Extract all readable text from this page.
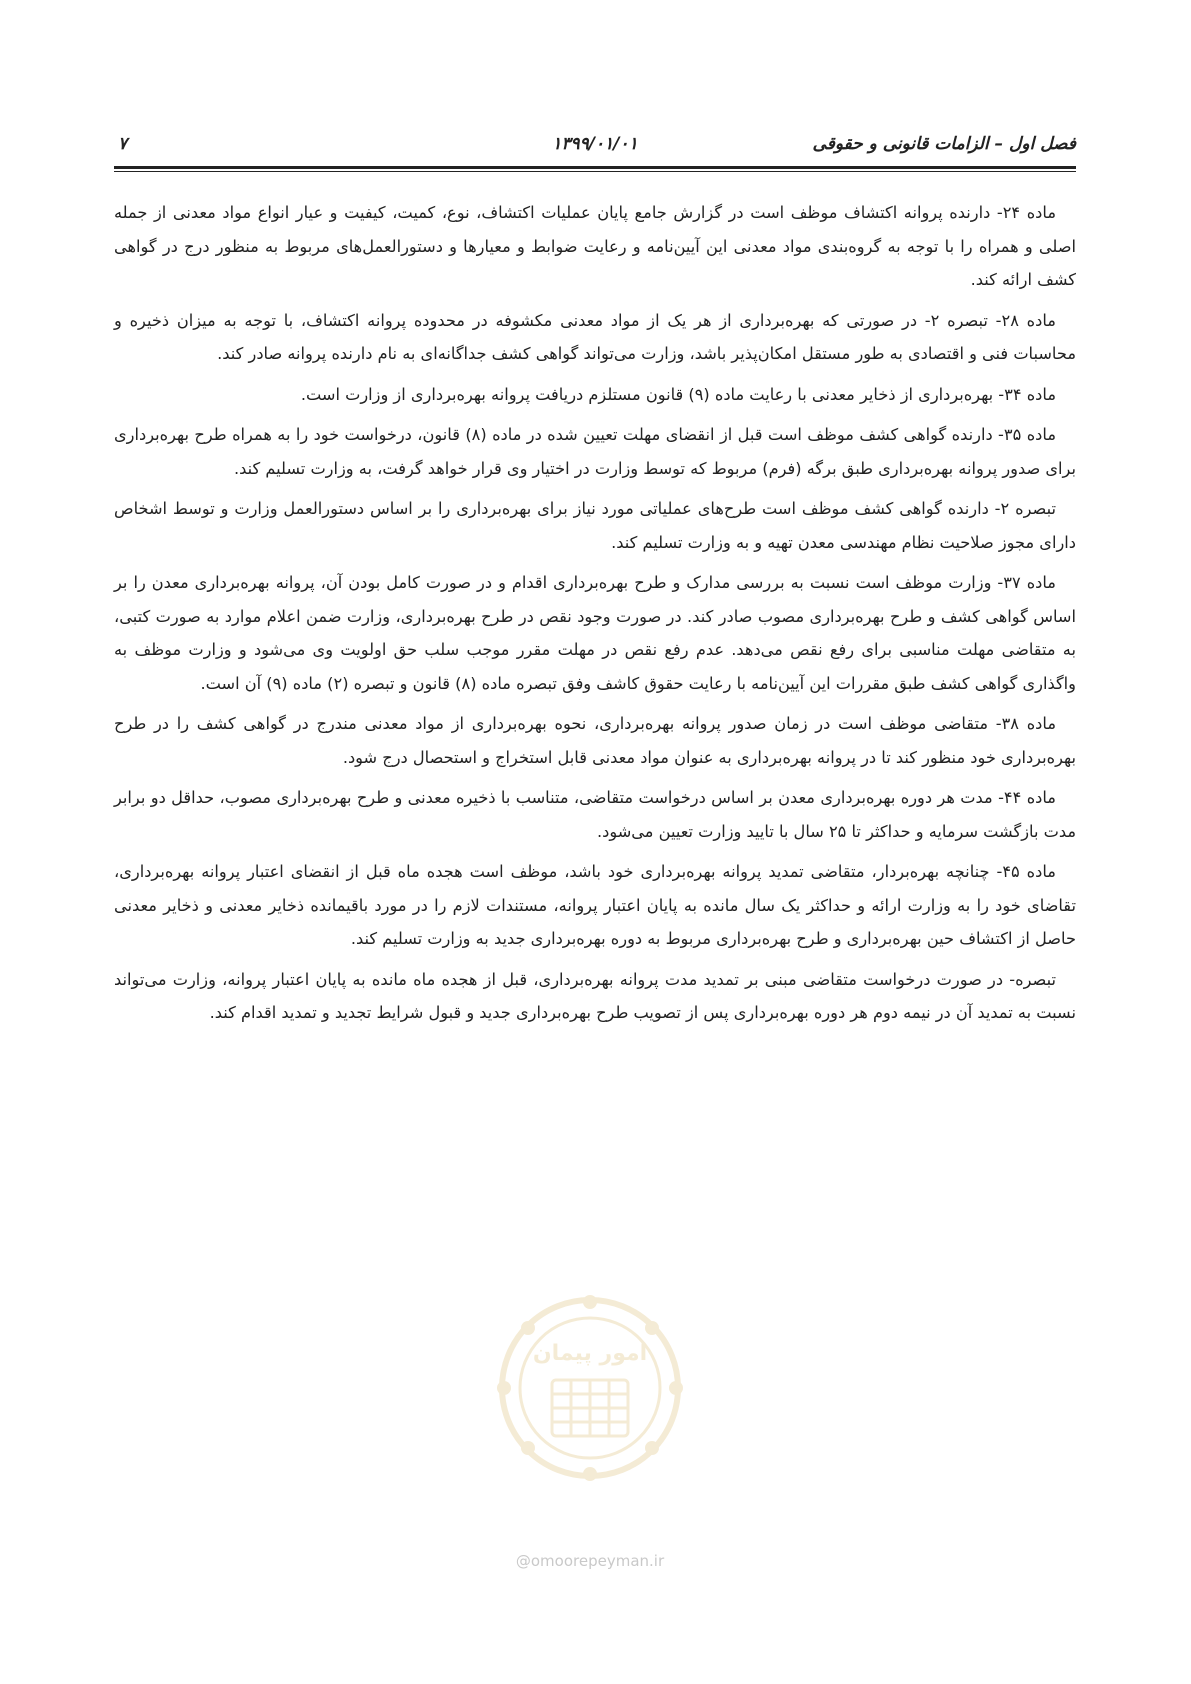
فصل اول – الزامات قانونی و حقوقی
۱۳۹۹/۰۱/۰۱
۷

ماده ۲۴- دارنده پروانه اکتشاف موظف است در گزارش جامع پایان عملیات اکتشاف، نوع، کمیت، کیفیت و عیار انواع مواد معدنی از جمله اصلی و همراه را با توجه به گروه‌بندی مواد معدنی این آیین‌نامه و رعایت ضوابط و معیارها و دستورالعمل‌های مربوط به منظور درج در گواهی کشف ارائه کند.

ماده ۲۸- تبصره ۲- در صورتی که بهره‌برداری از هر یک از مواد معدنی مکشوفه در محدوده پروانه اکتشاف، با توجه به میزان ذخیره و محاسبات فنی و اقتصادی به طور مستقل امکان‌پذیر باشد، وزارت می‌تواند گواهی کشف جداگانه‌ای به نام دارنده پروانه صادر کند.

ماده ۳۴- بهره‌برداری از ذخایر معدنی با رعایت ماده (۹) قانون مستلزم دریافت پروانه بهره‌برداری از وزارت است.

ماده ۳۵- دارنده گواهی کشف موظف است قبل از انقضای مهلت تعیین شده در ماده (۸) قانون، درخواست خود را به همراه طرح بهره‌برداری برای صدور پروانه بهره‌برداری طبق برگه (فرم) مربوط که توسط وزارت در اختیار وی قرار خواهد گرفت، به وزارت تسلیم کند.

تبصره ۲- دارنده گواهی کشف موظف است طرح‌های عملیاتی مورد نیاز برای بهره‌برداری را بر اساس دستورالعمل وزارت و توسط اشخاص دارای مجوز صلاحیت نظام مهندسی معدن تهیه و به وزارت تسلیم کند.

ماده ۳۷- وزارت موظف است نسبت به بررسی مدارک و طرح بهره‌برداری اقدام و در صورت کامل بودن آن، پروانه بهره‌برداری معدن را بر اساس گواهی کشف و طرح بهره‌برداری مصوب صادر کند. در صورت وجود نقص در طرح بهره‌برداری، وزارت ضمن اعلام موارد به صورت کتبی، به متقاضی مهلت مناسبی برای رفع نقص می‌دهد. عدم رفع نقص در مهلت مقرر موجب سلب حق اولویت وی می‌شود و وزارت موظف به واگذاری گواهی کشف طبق مقررات این آیین‌نامه با رعایت حقوق کاشف وفق تبصره ماده (۸) قانون و تبصره (۲) ماده (۹) آن است.

ماده ۳۸- متقاضی موظف است در زمان صدور پروانه بهره‌برداری، نحوه بهره‌برداری از مواد معدنی مندرج در گواهی کشف را در طرح بهره‌برداری خود منظور کند تا در پروانه بهره‌برداری به عنوان مواد معدنی قابل استخراج و استحصال درج شود.

ماده ۴۴- مدت هر دوره بهره‌برداری معدن بر اساس درخواست متقاضی، متناسب با ذخیره معدنی و طرح بهره‌برداری مصوب، حداقل دو برابر مدت بازگشت سرمایه و حداکثر تا ۲۵ سال با تایید وزارت تعیین می‌شود.

ماده ۴۵- چنانچه بهره‌بردار، متقاضی تمدید پروانه بهره‌برداری خود باشد، موظف است هجده ماه قبل از انقضای اعتبار پروانه بهره‌برداری، تقاضای خود را به وزارت ارائه و حداکثر یک سال مانده به پایان اعتبار پروانه، مستندات لازم را در مورد باقیمانده ذخایر معدنی و ذخایر معدنی حاصل از اکتشاف حین بهره‌برداری و طرح بهره‌برداری مربوط به دوره بهره‌برداری جدید به وزارت تسلیم کند.

تبصره- در صورت درخواست متقاضی مبنی بر تمدید مدت پروانه بهره‌برداری، قبل از هجده ماه مانده به پایان اعتبار پروانه، وزارت می‌تواند نسبت به تمدید آن در نیمه دوم هر دوره بهره‌برداری پس از تصویب طرح بهره‌برداری جدید و قبول شرایط تجدید و تمدید اقدام کند.

امور پیمان
@omoorepeyman.ir
